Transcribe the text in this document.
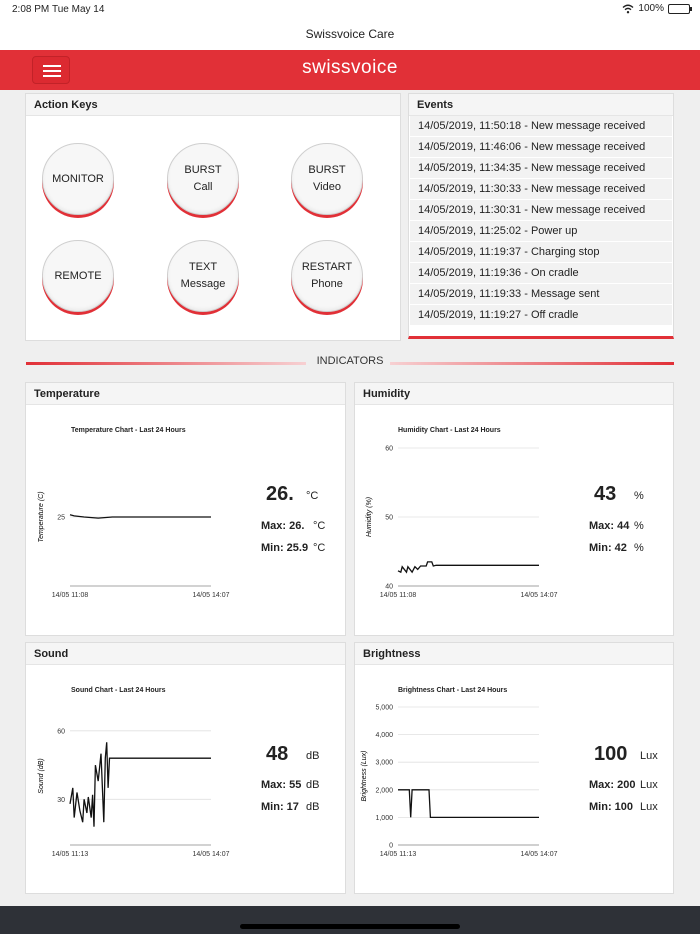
2:08 PM Tue May 14	100%
Swissvoice Care
swissvoice
Action Keys
MONITOR
BURST
Call
BURST
Video
REMOTE
TEXT
Message
RESTART
Phone
Events
14/05/2019, 11:50:18 - New message received
14/05/2019, 11:46:06 - New message received
14/05/2019, 11:34:35 - New message received
14/05/2019, 11:30:33 - New message received
14/05/2019, 11:30:31 - New message received
14/05/2019, 11:25:02 - Power up
14/05/2019, 11:19:37 - Charging stop
14/05/2019, 11:19:36 - On cradle
14/05/2019, 11:19:33 - Message sent
14/05/2019, 11:19:27 - Off cradle
INDICATORS
Temperature
Temperature Chart - Last 24 Hours
Temperature (C) 25
14/05 11:08	14/05 14:07
26. °C
Max: 26. °C
Min: 25.9 °C
Humidity
Humidity Chart - Last 24 Hours
Humidity (%)
60
50
40
14/05 11:08	14/05 14:07
43 %
Max: 44 %
Min: 42 %
Sound
Sound Chart - Last 24 Hours
Sound (dB)
60
30
14/05 11:13	14/05 14:07
48 dB
Max: 55 dB
Min: 17 dB
Brightness
Brightness Chart - Last 24 Hours
Brightness (Lux)
5,000
4,000
3,000
2,000
1,000
0
14/05 11:13	14/05 14:07
100 Lux
Max: 200 Lux
Min: 100 Lux
